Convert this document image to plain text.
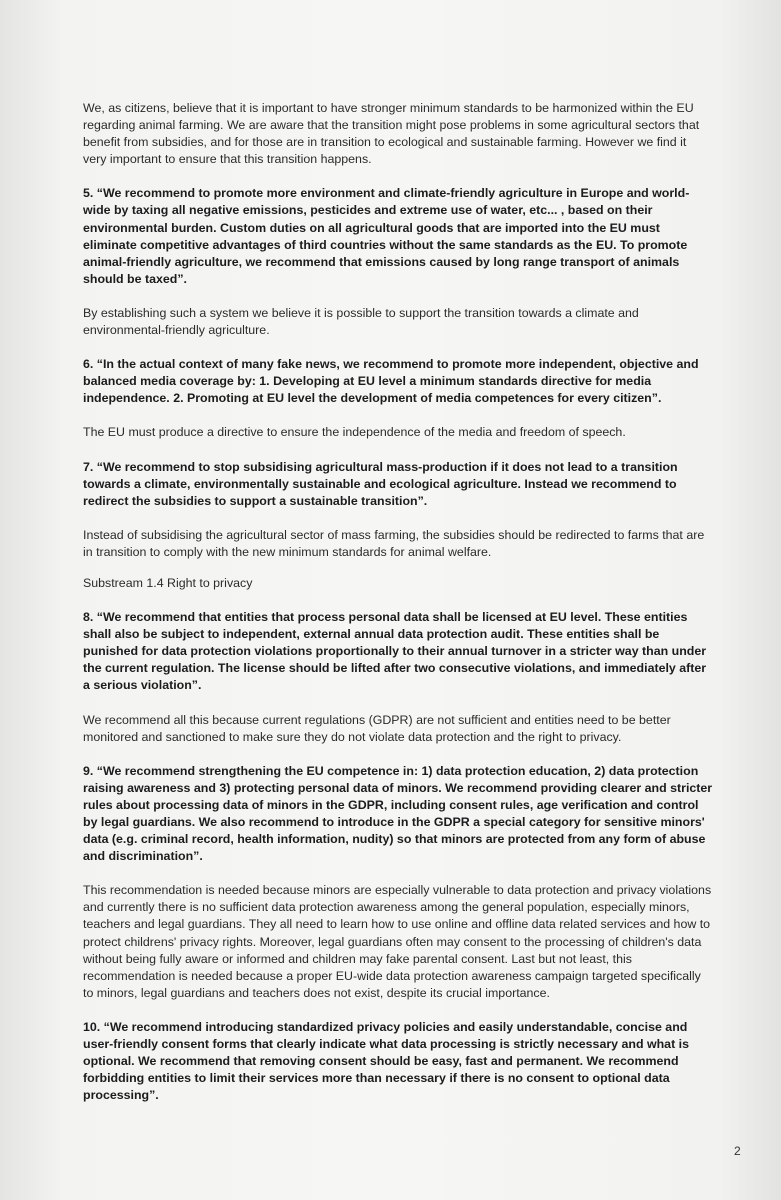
We, as citizens, believe that it is important to have stronger minimum standards to be harmonized within the EU regarding animal farming. We are aware that the transition might pose problems in some agricultural sectors that benefit from subsidies, and for those are in transition to ecological and sustainable farming. However we find it very important to ensure that this transition happens.

5. “We recommend to promote more environment and climate-friendly agriculture in Europe and world-wide by taxing all negative emissions, pesticides and extreme use of water, etc... , based on their environmental burden. Custom duties on all agricultural goods that are imported into the EU must eliminate competitive advantages of third countries without the same standards as the EU. To promote animal-friendly agriculture, we recommend that emissions caused by long range transport of animals should be taxed”.

By establishing such a system we believe it is possible to support the transition towards a climate and environmental-friendly agriculture.

6. “In the actual context of many fake news, we recommend to promote more independent, objective and balanced media coverage by: 1. Developing at EU level a minimum standards directive for media independence. 2. Promoting at EU level the development of media competences for every citizen”.

The EU must produce a directive to ensure the independence of the media and freedom of speech.

7. “We recommend to stop subsidising agricultural mass-production if it does not lead to a transition towards a climate, environmentally sustainable and ecological agriculture. Instead we recommend to redirect the subsidies to support a sustainable transition”.

Instead of subsidising the agricultural sector of mass farming, the subsidies should be redirected to farms that are in transition to comply with the new minimum standards for animal welfare.

Substream 1.4 Right to privacy

8. “We recommend that entities that process personal data shall be licensed at EU level. These entities shall also be subject to independent, external annual data protection audit. These entities shall be punished for data protection violations proportionally to their annual turnover in a stricter way than under the current regulation. The license should be lifted after two consecutive violations, and immediately after a serious violation”.

We recommend all this because current regulations (GDPR) are not sufficient and entities need to be better monitored and sanctioned to make sure they do not violate data protection and the right to privacy.

9. “We recommend strengthening the EU competence in: 1) data protection education, 2) data protection raising awareness and 3) protecting personal data of minors. We recommend providing clearer and stricter rules about processing data of minors in the GDPR, including consent rules, age verification and control by legal guardians. We also recommend to introduce in the GDPR a special category for sensitive minors' data (e.g. criminal record, health information, nudity) so that minors are protected from any form of abuse and discrimination”.

This recommendation is needed because minors are especially vulnerable to data protection and privacy violations and currently there is no sufficient data protection awareness among the general population, especially minors, teachers and legal guardians. They all need to learn how to use online and offline data related services and how to protect childrens' privacy rights. Moreover, legal guardians often may consent to the processing of children's data without being fully aware or informed and children may fake parental consent. Last but not least, this recommendation is needed because a proper EU-wide data protection awareness campaign targeted specifically to minors, legal guardians and teachers does not exist, despite its crucial importance.

10. “We recommend introducing standardized privacy policies and easily understandable, concise and user-friendly consent forms that clearly indicate what data processing is strictly necessary and what is optional. We recommend that removing consent should be easy, fast and permanent. We recommend forbidding entities to limit their services more than necessary if there is no consent to optional data processing”.

2
